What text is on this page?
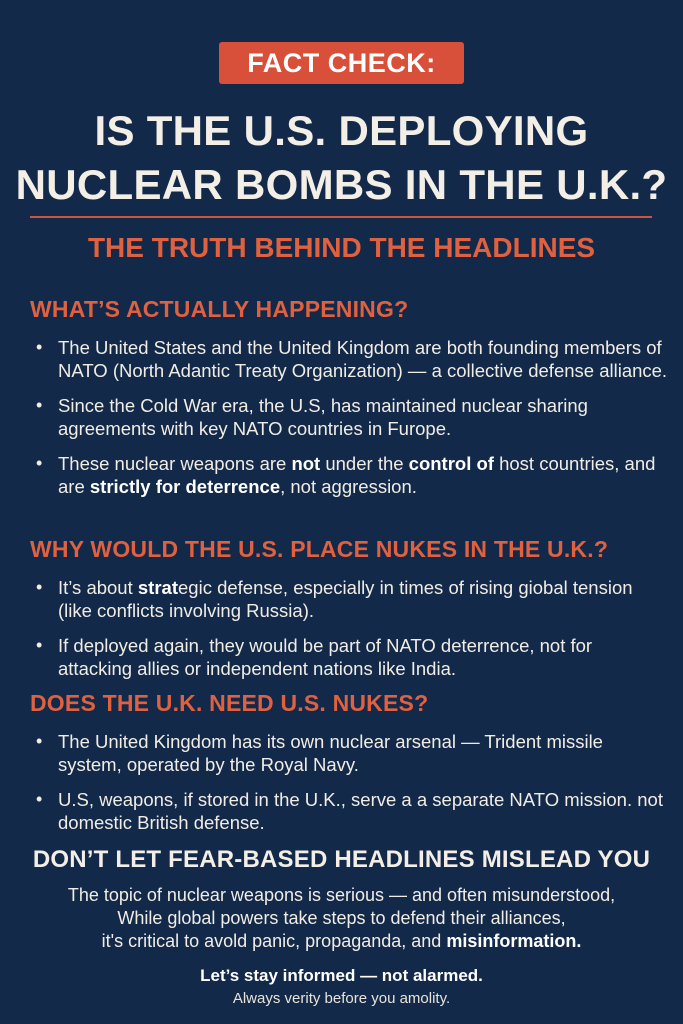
FACT CHECK:
IS THE U.S. DEPLOYING
NUCLEAR BOMBS IN THE U.K.?
THE TRUTH BEHIND THE HEADLINES
WHAT’S ACTUALLY HAPPENING?
• The United States and the United Kingdom are both founding members of NATO (North Adantic Treaty Organization) — a collective defense alliance.
• Since the Cold War era, the U.S, has maintained nuclear sharing agreements with key NATO countries in Furope.
• These nuclear weapons are not under the control of host countries, and are strictly for deterrence, not aggression.
WHY WOULD THE U.S. PLACE NUKES IN THE U.K.?
• It’s about strategic defense, especially in times of rising giobal tension (like conflicts involving Russia).
• If deployed again, they would be part of NATO deterrence, not for attacking allies or independent nations like India.
DOES THE U.K. NEED U.S. NUKES?
• The United Kingdom has its own nuclear arsenal — Trident missile system, operated by the Royal Navy.
• U.S, weapons, if stored in the U.K., serve a a separate NATO mission. not domestic British defense.
DON’T LET FEAR-BASED HEADLINES MISLEAD YOU
The topic of nuclear weapons is serious — and often misunderstood,
While global powers take steps to defend their alliances,
it's critical to avold panic, propaganda, and misinformation.
Let’s stay informed — not alarmed.
Always verity before you amolity.
